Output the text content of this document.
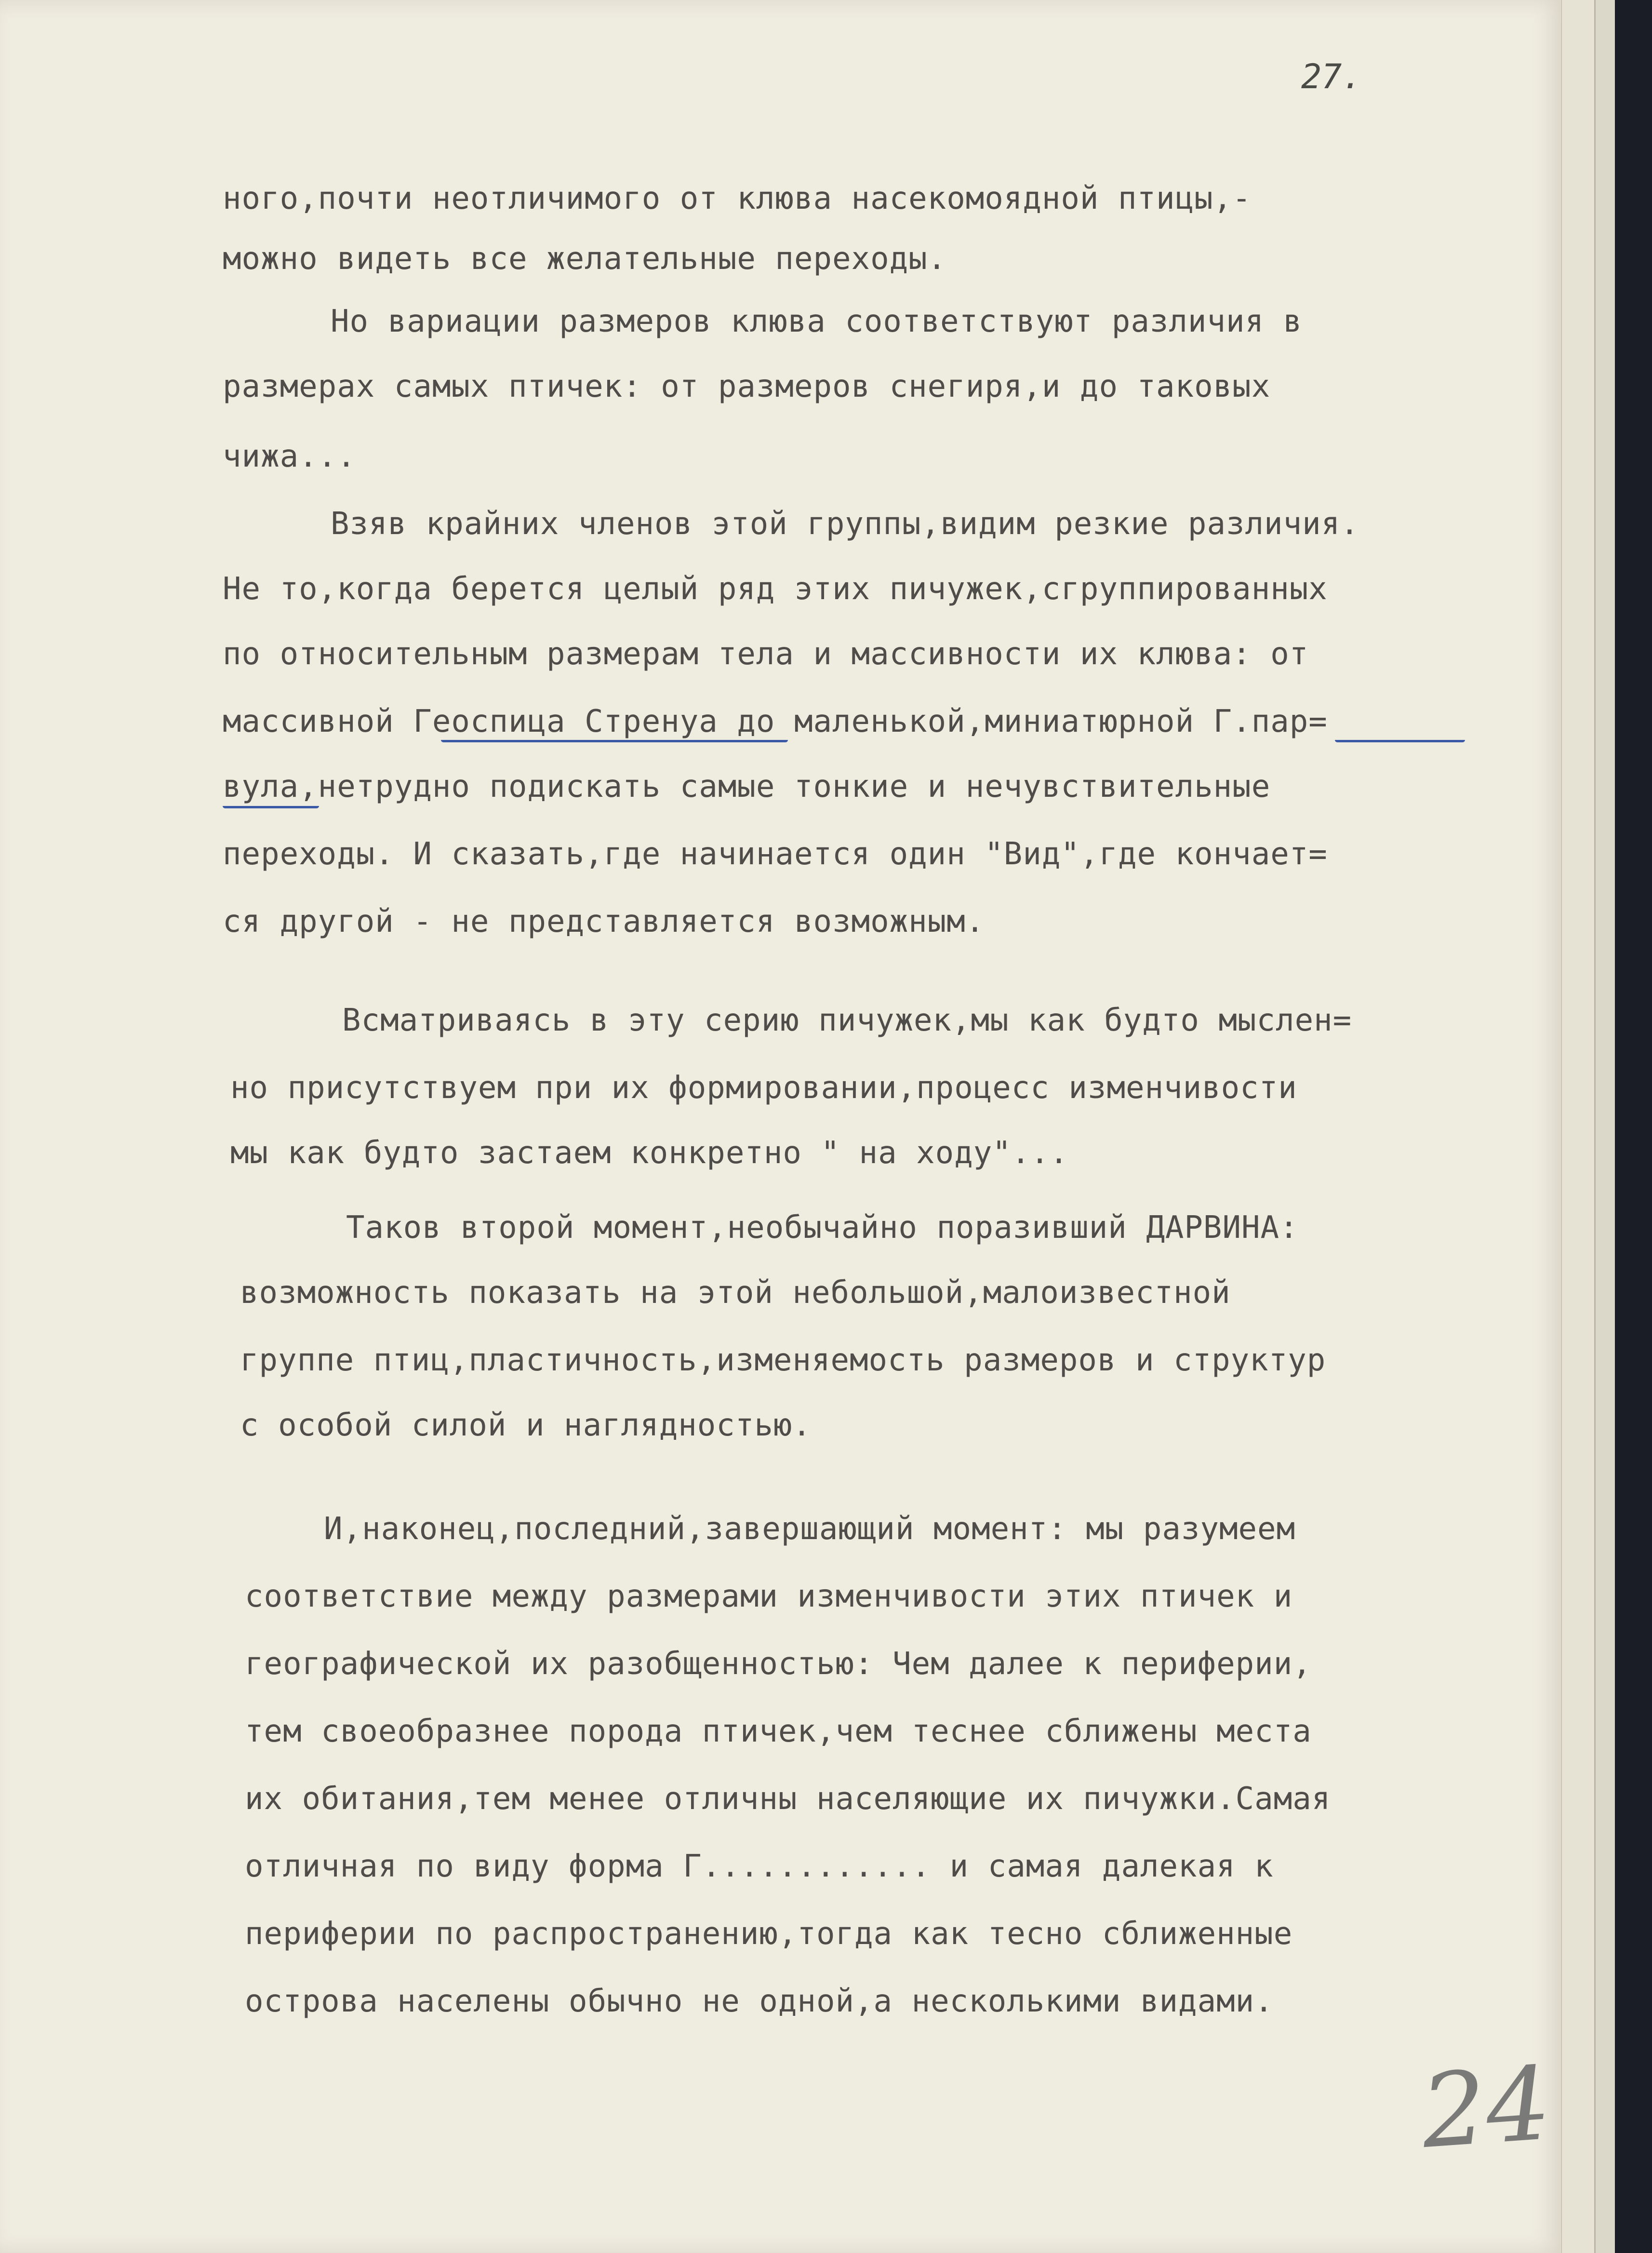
27.
ного,почти неотличимого от клюва насекомоядной птицы,-
можно видеть все желательные переходы.
Но вариации размеров клюва соответствуют различия в
размерах самых птичек: от размеров снегиря,и до таковых
чижа...
Взяв крайних членов этой группы,видим резкие различия.
Не то,когда берется целый ряд этих пичужек,сгруппированных
по относительным размерам тела и массивности их клюва: от
массивной Геоспица Стренуа до маленькой,миниатюрной Г.пар=
вула,нетрудно подискать самые тонкие и нечувствительные
переходы. И сказать,где начинается один "Вид",где кончает=
ся другой - не представляется возможным.
Всматриваясь в эту серию пичужек,мы как будто мыслен=
но присутствуем при их формировании,процесс изменчивости
мы как будто застаем конкретно " на ходу"...
Таков второй момент,необычайно поразивший ДАРВИНА:
возможность показать на этой небольшой,малоизвестной
группе птиц,пластичность,изменяемость размеров и структур
с особой силой и наглядностью.
И,наконец,последний,завершающий момент: мы разумеем
соответствие между размерами изменчивости этих птичек и
географической их разобщенностью: Чем далее к периферии,
тем своеобразнее порода птичек,чем теснее сближены места
их обитания,тем менее отличны населяющие их пичужки.Самая
отличная по виду форма Г............ и самая далекая к
периферии по распространению,тогда как тесно сближенные
острова населены обычно не одной,а несколькими видами.
24
